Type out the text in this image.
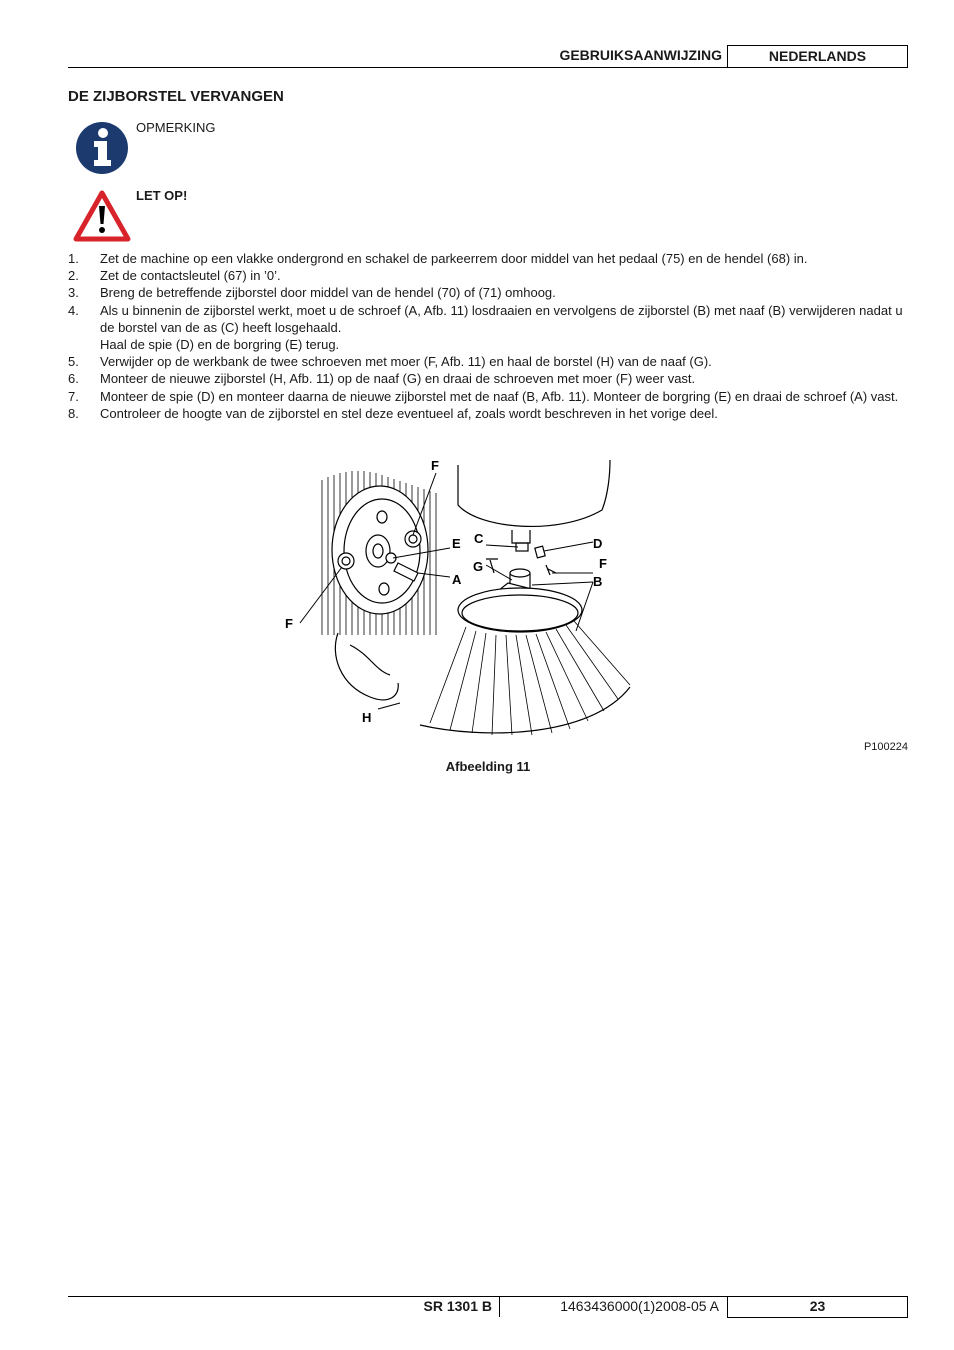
GEBRUIKSAANWIJZING	NEDERLANDS
DE ZIJBORSTEL VERVANGEN
OPMERKING
LET OP!
1.	Zet de machine op een vlakke ondergrond en schakel de parkeerrem door middel van het pedaal (75) en de hendel (68) in.
2.	Zet de contactsleutel (67) in ’0’.
3.	Breng de betreffende zijborstel door middel van de hendel (70) of (71) omhoog.
4.	Als u binnenin de zijborstel werkt, moet u de schroef (A, Afb. 11) losdraaien en vervolgens de zijborstel (B) met naaf (B) verwijderen nadat u de borstel van de as (C) heeft losgehaald.
Haal de spie (D) en de borgring (E) terug.
5.	Verwijder op de werkbank de twee schroeven met moer (F, Afb. 11) en haal de borstel (H) van de naaf (G).
6.	Monteer de nieuwe zijborstel (H, Afb. 11) op de naaf (G) en draai de schroeven met moer (F) weer vast.
7.	Monteer de spie (D) en monteer daarna de nieuwe zijborstel met de naaf (B, Afb. 11). Monteer de borgring (E) en draai de schroef (A) vast.
8.	Controleer de hoogte van de zijborstel en stel deze eventueel af, zoals wordt beschreven in het vorige deel.
F
E
A
F
H
C	D
G	F
B
P100224
Afbeelding 11
SR 1301 B	1463436000(1)2008-05 A	23
